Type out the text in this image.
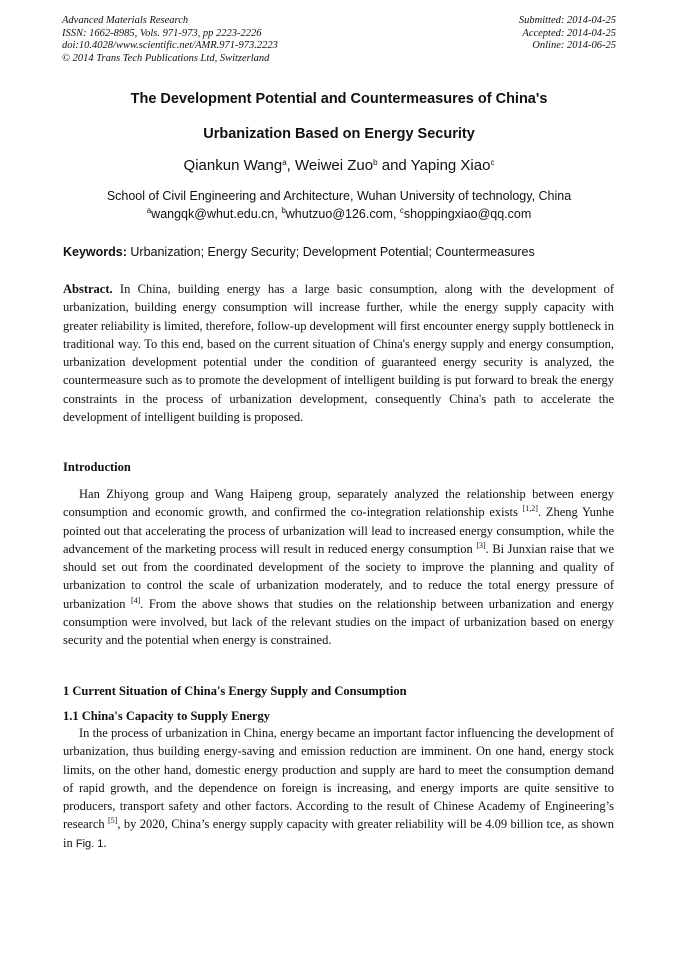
Advanced Materials Research
ISSN: 1662-8985, Vols. 971-973, pp 2223-2226
doi:10.4028/www.scientific.net/AMR.971-973.2223
© 2014 Trans Tech Publications Ltd, Switzerland
Submitted: 2014-04-25
Accepted: 2014-04-25
Online: 2014-06-25
The Development Potential and Countermeasures of China's
Urbanization Based on Energy Security
Qiankun Wang$^a$, Weiwei Zuo$^b$ and Yaping Xiao$^c$
School of Civil Engineering and Architecture, Wuhan University of technology, China
$^a$wangqk@whut.edu.cn, $^b$whutzuo@126.com, $^c$shoppingxiao@qq.com
Keywords: Urbanization; Energy Security; Development Potential; Countermeasures
Abstract. In China, building energy has a large basic consumption, along with the development of urbanization, building energy consumption will increase further, while the energy supply capacity with greater reliability is limited, therefore, follow-up development will first encounter energy supply bottleneck in traditional way. To this end, based on the current situation of China's energy supply and energy consumption, urbanization development potential under the condition of guaranteed energy security is analyzed, the countermeasure such as to promote the development of intelligent building is put forward to break the energy constraints in the process of urbanization development, consequently China's path to accelerate the development of intelligent building is proposed.
Introduction
Han Zhiyong group and Wang Haipeng group, separately analyzed the relationship between energy consumption and economic growth, and confirmed the co-integration relationship exists [1,2]. Zheng Yunhe pointed out that accelerating the process of urbanization will lead to increased energy consumption, while the advancement of the marketing process will result in reduced energy consumption [3]. Bi Junxian raise that we should set out from the coordinated development of the society to improve the planning and quality of urbanization to control the scale of urbanization moderately, and to reduce the total energy pressure of urbanization [4]. From the above shows that studies on the relationship between urbanization and energy consumption were involved, but lack of the relevant studies on the impact of urbanization based on energy security and the potential when energy is constrained.
1 Current Situation of China's Energy Supply and Consumption
1.1 China's Capacity to Supply Energy
In the process of urbanization in China, energy became an important factor influencing the development of urbanization, thus building energy-saving and emission reduction are imminent. On one hand, energy stock limits, on the other hand, domestic energy production and supply are hard to meet the consumption demand of rapid growth, and the dependence on foreign is increasing, and energy imports are quite sensitive to producers, transport safety and other factors. According to the result of Chinese Academy of Engineering’s research [5], by 2020, China’s energy supply capacity with greater reliability will be 4.09 billion tce, as shown in Fig. 1.
